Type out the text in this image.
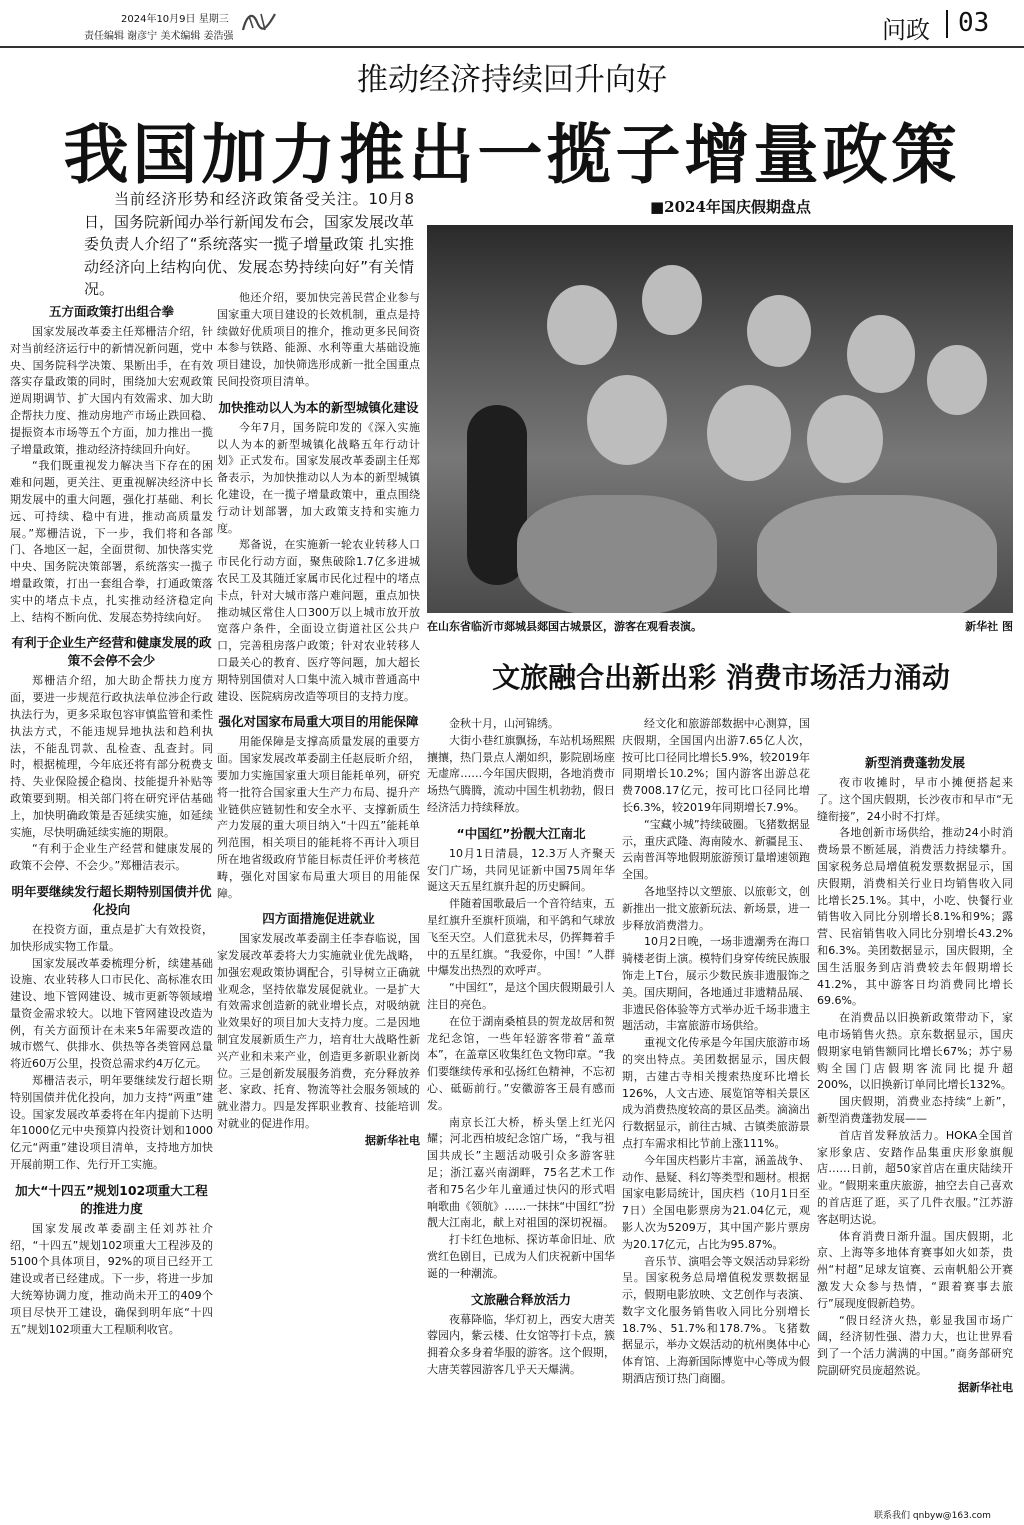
2024年10月9日 星期三
责任编辑 谢彦宁 美术编辑 姜浩强	问政 03
推动经济持续回升向好
我国加力推出一揽子增量政策
当前经济形势和经济政策备受关注。10月8日，国务院新闻办举行新闻发布会，国家发展改革委负责人介绍了“系统落实一揽子增量政策 扎实推动经济向上结构向优、发展态势持续向好”有关情况。
■2024年国庆假期盘点
在山东省临沂市郯城县郯国古城景区，游客在观看表演。	新华社 图
文旅融合出新出彩 消费市场活力涌动
五方面政策打出组合拳

国家发展改革委主任郑栅洁介绍，针对当前经济运行中的新情况新问题，党中央、国务院科学决策、果断出手，在有效落实存量政策的同时，围绕加大宏观政策逆周期调节、扩大国内有效需求、加大助企帮扶力度、推动房地产市场止跌回稳、提振资本市场等五个方面，加力推出一揽子增量政策，推动经济持续回升向好。

“我们既重视发力解决当下存在的困难和问题，更关注、更重视解决经济中长期发展中的重大问题，强化打基础、利长远、可持续、稳中有进，推动高质量发展。”郑栅洁说，下一步，我们将和各部门、各地区一起，全面贯彻、加快落实党中央、国务院决策部署，系统落实一揽子增量政策，打出一套组合拳，打通政策落实中的堵点卡点，扎实推动经济稳定向上、结构不断向优、发展态势持续向好。

有利于企业生产经营和健康发展的政策不会停不会少

郑栅洁介绍，加大助企帮扶力度方面，要进一步规范行政执法单位涉企行政执法行为，更多采取包容审慎监管和柔性执法方式，不能违规异地执法和趋利执法，不能乱罚款、乱检查、乱查封。同时，根据梳理，今年底还将有部分税费支持、失业保险援企稳岗、技能提升补贴等政策要到期。相关部门将在研究评估基础上，加快明确政策是否延续实施，如延续实施，尽快明确延续实施的期限。

“有利于企业生产经营和健康发展的政策不会停、不会少。”郑栅洁表示。

明年要继续发行超长期特别国债并优化投向

在投资方面，重点是扩大有效投资，加快形成实物工作量。

国家发展改革委梳理分析，续建基础设施、农业转移人口市民化、高标准农田建设、地下管网建设、城市更新等领域增量资金需求较大。以地下管网建设改造为例，有关方面预计在未来5年需要改造的城市燃气、供排水、供热等各类管网总量将近60万公里，投资总需求约4万亿元。

郑栅洁表示，明年要继续发行超长期特别国债并优化投向，加力支持“两重”建设。国家发展改革委将在年内提前下达明年1000亿元中央预算内投资计划和1000亿元“两重”建设项目清单，支持地方加快开展前期工作、先行开工实施。

加大“十四五”规划102项重大工程的推进力度

国家发展改革委副主任刘苏社介绍，“十四五”规划102项重大工程涉及的5100个具体项目，92%的项目已经开工建设或者已经建成。下一步，将进一步加大统筹协调力度，推动尚未开工的409个项目尽快开工建设，确保到明年底“十四五”规划102项重大工程顺利收官。

他还介绍，要加快完善民营企业参与国家重大项目建设的长效机制，重点是持续做好优质项目的推介，推动更多民间资本参与铁路、能源、水利等重大基础设施项目建设，加快筛选形成新一批全国重点民间投资项目清单。

加快推动以人为本的新型城镇化建设

今年7月，国务院印发的《深入实施以人为本的新型城镇化战略五年行动计划》正式发布。国家发展改革委副主任郑备表示，为加快推动以人为本的新型城镇化建设，在一揽子增量政策中，重点围绕行动计划部署，加大政策支持和实施力度。

郑备说，在实施新一轮农业转移人口市民化行动方面，聚焦破除1.7亿多进城农民工及其随迁家属市民化过程中的堵点卡点，针对大城市落户难问题，重点加快推动城区常住人口300万以上城市放开放宽落户条件，全面设立街道社区公共户口，完善租房落户政策；针对农业转移人口最关心的教育、医疗等问题，加大超长期特别国债对人口集中流入城市普通高中建设、医院病房改造等项目的支持力度。

强化对国家布局重大项目的用能保障

用能保障是支撑高质量发展的重要方面。国家发展改革委副主任赵辰昕介绍，要加力实施国家重大项目能耗单列，研究将一批符合国家重大生产力布局、提升产业链供应链韧性和安全水平、支撑新质生产力发展的重大项目纳入“十四五”能耗单列范围，相关项目的能耗将不再计入项目所在地省级政府节能目标责任评价考核范畴，强化对国家布局重大项目的用能保障。

四方面措施促进就业

国家发展改革委副主任李春临说，国家发展改革委将大力实施就业优先战略，加强宏观政策协调配合，引导树立正确就业观念，坚持依靠发展促就业。一是扩大有效需求创造新的就业增长点，对吸纳就业效果好的项目加大支持力度。二是因地制宜发展新质生产力，培育壮大战略性新兴产业和未来产业，创造更多新职业新岗位。三是创新发展服务消费，充分释放养老、家政、托育、物流等社会服务领域的就业潜力。四是发挥职业教育、技能培训对就业的促进作用。

据新华社电

金秋十月，山河锦绣。

大街小巷红旗飘扬，车站机场熙熙攘攘，热门景点人潮如织，影院剧场座无虚席……今年国庆假期，各地消费市场热气腾腾，流动中国生机勃勃，假日经济活力持续释放。

“中国红”扮靓大江南北

10月1日清晨，12.3万人齐聚天安门广场，共同见证新中国75周年华诞这天五星红旗升起的历史瞬间。

伴随着国歌最后一个音符结束，五星红旗升至旗杆顶端，和平鸽和气球放飞至天空。人们意犹未尽，仍挥舞着手中的五星红旗。“我爱你，中国！”人群中爆发出热烈的欢呼声。

“中国红”，是这个国庆假期最引人注目的亮色。

在位于湖南桑植县的贺龙故居和贺龙纪念馆，一些年轻游客带着“盖章本”，在盖章区收集红色文物印章。“我们要继续传承和弘扬红色精神，不忘初心、砥砺前行。”安徽游客王晨有感而发。

南京长江大桥，桥头堡上红光闪耀；河北西柏坡纪念馆广场，“我与祖国共成长”主题活动吸引众多游客驻足；浙江嘉兴南湖畔，75名艺术工作者和75名少年儿童通过快闪的形式唱响歌曲《领航》……一抹抹“中国红”扮靓大江南北，献上对祖国的深切祝福。

打卡红色地标、探访革命旧址、欣赏红色剧目，已成为人们庆祝新中国华诞的一种潮流。

文旅融合释放活力

夜幕降临，华灯初上，西安大唐芙蓉园内，紫云楼、仕女馆等打卡点，簇拥着众多身着华服的游客。这个假期，大唐芙蓉园游客几乎天天爆满。

经文化和旅游部数据中心测算，国庆假期，全国国内出游7.65亿人次，按可比口径同比增长5.9%，较2019年同期增长10.2%；国内游客出游总花费7008.17亿元，按可比口径同比增长6.3%，较2019年同期增长7.9%。

“宝藏小城”持续破圈。飞猪数据显示，重庆武隆、海南陵水、新疆昆玉、云南普洱等地假期旅游预订量增速领跑全国。

各地坚持以文塑旅、以旅彰文，创新推出一批文旅新玩法、新场景，进一步释放消费潜力。

10月2日晚，一场非遗潮秀在海口骑楼老街上演。模特们身穿传统民族服饰走上T台，展示少数民族非遗服饰之美。国庆期间，各地通过非遗精品展、非遗民俗体验等方式举办近千场非遗主题活动，丰富旅游市场供给。

重视文化传承是今年国庆旅游市场的突出特点。美团数据显示，国庆假期，古建古寺相关搜索热度环比增长126%，人文古迹、展览馆等相关景区成为消费热度较高的景区品类。滴滴出行数据显示，前往古城、古镇类旅游景点打车需求相比节前上涨111%。

今年国庆档影片丰富，涵盖战争、动作、悬疑、科幻等类型和题材。根据国家电影局统计，国庆档（10月1日至7日）全国电影票房为21.04亿元，观影人次为5209万，其中国产影片票房为20.17亿元，占比为95.87%。

音乐节、演唱会等文娱活动异彩纷呈。国家税务总局增值税发票数据显示，假期电影放映、文艺创作与表演、数字文化服务销售收入同比分别增长18.7%、51.7%和178.7%。飞猪数据显示，举办文娱活动的杭州奥体中心体育馆、上海新国际博览中心等成为假期酒店预订热门商圈。

新型消费蓬勃发展

夜市收摊时，早市小摊便搭起来了。这个国庆假期，长沙夜市和早市“无缝衔接”，24小时不打烊。

各地创新市场供给，推动24小时消费场景不断延展，消费活力持续攀升。国家税务总局增值税发票数据显示，国庆假期，消费相关行业日均销售收入同比增长25.1%。其中，小吃、快餐行业销售收入同比分别增长8.1%和9%；露营、民宿销售收入同比分别增长43.2%和6.3%。美团数据显示，国庆假期，全国生活服务到店消费较去年假期增长41.2%，其中游客日均消费同比增长69.6%。

在消费品以旧换新政策带动下，家电市场销售火热。京东数据显示，国庆假期家电销售额同比增长67%；苏宁易购全国门店假期客流同比提升超200%，以旧换新订单同比增长132%。

国庆假期，消费业态持续“上新”，新型消费蓬勃发展——

首店首发释放活力。HOKA全国首家形象店、安踏作品集重庆形象旗舰店……日前，超50家首店在重庆陆续开业。“假期来重庆旅游，抽空去自己喜欢的首店逛了逛，买了几件衣服。”江苏游客赵明达说。

体育消费日渐升温。国庆假期，北京、上海等多地体育赛事如火如荼，贵州“村超”足球友谊赛、云南帆船公开赛激发大众参与热情，“跟着赛事去旅行”展现度假新趋势。

“假日经济火热，彰显我国市场广阔，经济韧性强、潜力大，也让世界看到了一个活力满满的中国。”商务部研究院副研究员庞超然说。

据新华社电

联系我们 qnbyw@163.com
